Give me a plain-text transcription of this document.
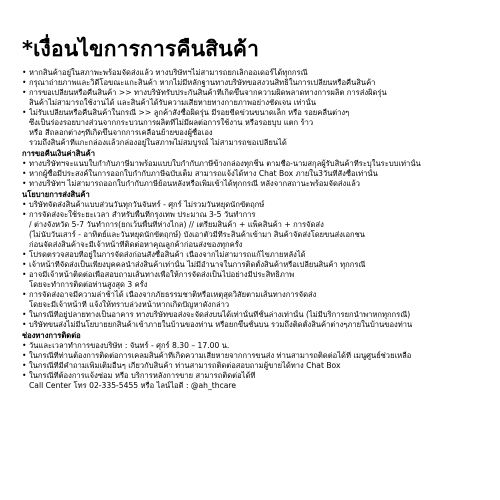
*เงื่อนไขการการคืนสินค้า
• หากสินค้าอยู่ในสภาพะพร้อมจัดส่งแล้ว ทางบริษัทฯไม่สามารถยกเลิกออเดอร์ได้ทุกกรณี
• กรุณาถ่ายภาพและวิดีโอขณะแกะสินค้า หากไม่มีหลักฐานทางบริษัทขอสงวนสิทธิในการเปลี่ยนหรือคืนสินค้า
• การขอเปลี่ยนหรือคืนสินค้า >> ทางบริษัทรับประกันสินค้าที่เกิดขึ้นจากความผิดพลาดทางการผลิต การส่งผิดรุ่น
สินค้าไม่สามารถใช้งานได้ และสินค้าได้รับความเสียหายทางกายภาพอย่างชัดเจน เท่านั้น
• ไม่รับเปลี่ยนหรือคืนสินค้าในกรณี >> ลูกค้าสั่งซื้อผิดรุ่น มีรอยขีดข่วนขนาดเล็ก หรือ รอยคลื่นต่างๆ
ซึ่งเป็นร่องรอยบางส่วนจากกระบวนการผลิตที่ไม่มีผลต่อการใช้งาน หรือรอยบุบ แตก ร้าว
หรือ สีถลอกต่างๆที่เกิดขึ้นจากการเคลื่อนย้ายของผู้ซื้อเอง
รวมถึงสินค้าที่แกะกล่องแล้วกล่องอยู่ในสภาพไม่สมบูรณ์ ไม่สามารถขอเปลี่ยนได้
การขอคืนเงินค่าสินค้า
• ทางบริษัทฯจะแนบใบกำกับภาษีมาพร้อมแบบใบกำกับภาษีข้างกล่องทุกชิ้น ตามชื่อ-นามสกุลผู้รับสินค้าที่ระบุในระบบเท่านั้น
• หากผู้ซื้อมีประสงค์ในการออกใบกำกับภาษีฉบับเต็ม สามารถแจ้งได้ทาง Chat Box ภายใน3วันที่สั่งซื้อเท่านั้น
• ทางบริษัทฯ ไม่สามารถออกใบกำกับภาษีย้อนหลังหรือเพิ่มเข้าได้ทุกกรณี หลังจากสถานะพร้อมจัดส่งแล้ว
นโยบายการส่งสินค้า
• บริษัทจัดส่งสินค้าแบบส่วนวันทุกวันจันทร์ - ศุกร์ ไม่รวมวันหยุดนักขัตฤกษ์
• การจัดส่งจะใช้ระยะเวลา สำหรับพื้นที่กรุงเทพ ประมาณ 3-5 วันทำการ
/ ต่างจังหวัด 5-7 วันทำการ(ยกเว้นพื้นที่ห่างไกล) // เตรียมสินค้า + แพ็คสินค้า + การจัดส่ง
(ไม่นับวันเสาร์ - อาทิตย์และวันหยุดนักขัตฤกษ์) บังเอาตัวมีที่ระสินค้าเข้ามา สินค้าจัดส่งโดยขนส่งเอกชน
ก่อนจัดส่งสินค้าจะมีเจ้าหน้าที่ติดต่อหาคุณลูกค้าก่อนส่งของทุกครั้ง
• โปรดตรวจสอบที่อยู่ในการจัดส่งก่อนสั่งซื้อสินค้า เนื่องจากไม่สามารถแก้ไขภายหลังได้
• เจ้าหน้าที่จัดส่งเป็นเพียงบุคคลนำส่งสินค้าเท่านั้น ไม่มีอำนาจในการติดตั้งสินค้าหรือเปลี่ยนสินค้า ทุกกรณี
• อาจมีเจ้าหน้าติดต่อเพื่อสอบถามเส้นทางเพื่อให้การจัดส่งเป็นไปอย่างมีประสิทธิภาพ
โดยจะทำการติดต่อท่านสูงสุด 3 ครั้ง
• การจัดส่งอาจมีความล่าช้าได้ เนื่องจากภัยธรรมชาติหรือเหตุสุดวิสัยตามเส้นทางการจัดส่ง
โดยจะมีเจ้าหน้าที่ แจ้งให้ทราบล่วงหน้าหากเกิดปัญหาดังกล่าว
• ในกรณีที่อยู่ปลายทางเป็นอาคาร ทางบริษัทขอส่งจะจัดส่งบนได้เท่านั้นที่ชั้นล่างเท่านั้น (ไม่มีบริการยกนำพาหกทุกกรณี)
• บริษัทขนส่งไม่มีนโยบายยกสินค้าเข้าภายในบ้านของท่าน หรือยกขึ้นชั้นบน รวมถึงติดตั้งสินค้าต่างๆภายในบ้านของท่าน
ช่องทางการติดต่อ
• วันและเวลาทำการของบริษัท : จันทร์ - ศุกร์ 8.30 – 17.00 น.
• ในกรณีที่ท่านต้องการติดต่อการเคลมสินค้าที่เกิดความเสียหายจากการขนส่ง ท่านสามารถติดต่อได้ที่ เมนูศูนย์ช่วยเหลือ
• ในกรณีที่มีคำถามเพิ่มเติมอื่นๆ เกี่ยวกับสินค้า ท่านสามารถติดต่อสอบถามผู้ขายได้ทาง Chat Box
• ในกรณีที่ต้องการแจ้งซ่อม หรือ บริการหลังการขาย สามารถติดต่อได้ที่
Call Center โทร 02-335-5455 หรือ ไลน์ไอดี : @ah_thcare
